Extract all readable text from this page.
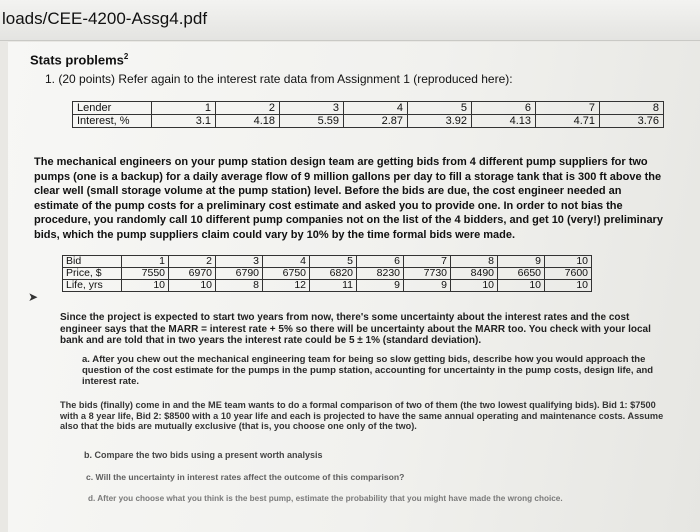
loads/CEE-4200-Assg4.pdf
Stats problems$^2$
1. (20 points) Refer again to the interest rate data from Assignment 1 (reproduced here):
Lender	1	2	3	4	5	6	7	8
Interest, %	3.1	4.18	5.59	2.87	3.92	4.13	4.71	3.76
The mechanical engineers on your pump station design team are getting bids from 4 different pump suppliers for two pumps (one is a backup) for a daily average flow of 9 million gallons per day to fill a storage tank that is 300 ft above the clear well (small storage volume at the pump station) level. Before the bids are due, the cost engineer needed an estimate of the pump costs for a preliminary cost estimate and asked you to provide one. In order to not bias the procedure, you randomly call 10 different pump companies not on the list of the 4 bidders, and get 10 (very!) preliminary bids, which the pump suppliers claim could vary by 10% by the time formal bids were made.
Bid	1	2	3	4	5	6	7	8	9	10
Price, $	7550	6970	6790	6750	6820	8230	7730	8490	6650	7600
Life, yrs	10	10	8	12	11	9	9	10	10	10
➤
Since the project is expected to start two years from now, there's some uncertainty about the interest rates and the cost engineer says that the MARR = interest rate + 5% so there will be uncertainty about the MARR too. You check with your local bank and are told that in two years the interest rate could be 5 ± 1% (standard deviation).
a. After you chew out the mechanical engineering team for being so slow getting bids, describe how you would approach the question of the cost estimate for the pumps in the pump station, accounting for uncertainty in the pump costs, design life, and interest rate.
The bids (finally) come in and the ME team wants to do a formal comparison of two of them (the two lowest qualifying bids). Bid 1: $7500 with a 8 year life, Bid 2: $8500 with a 10 year life and each is projected to have the same annual operating and maintenance costs. Assume also that the bids are mutually exclusive (that is, you choose one only of the two).
b. Compare the two bids using a present worth analysis
c. Will the uncertainty in interest rates affect the outcome of this comparison?
d. After you choose what you think is the best pump, estimate the probability that you might have made the wrong choice.
